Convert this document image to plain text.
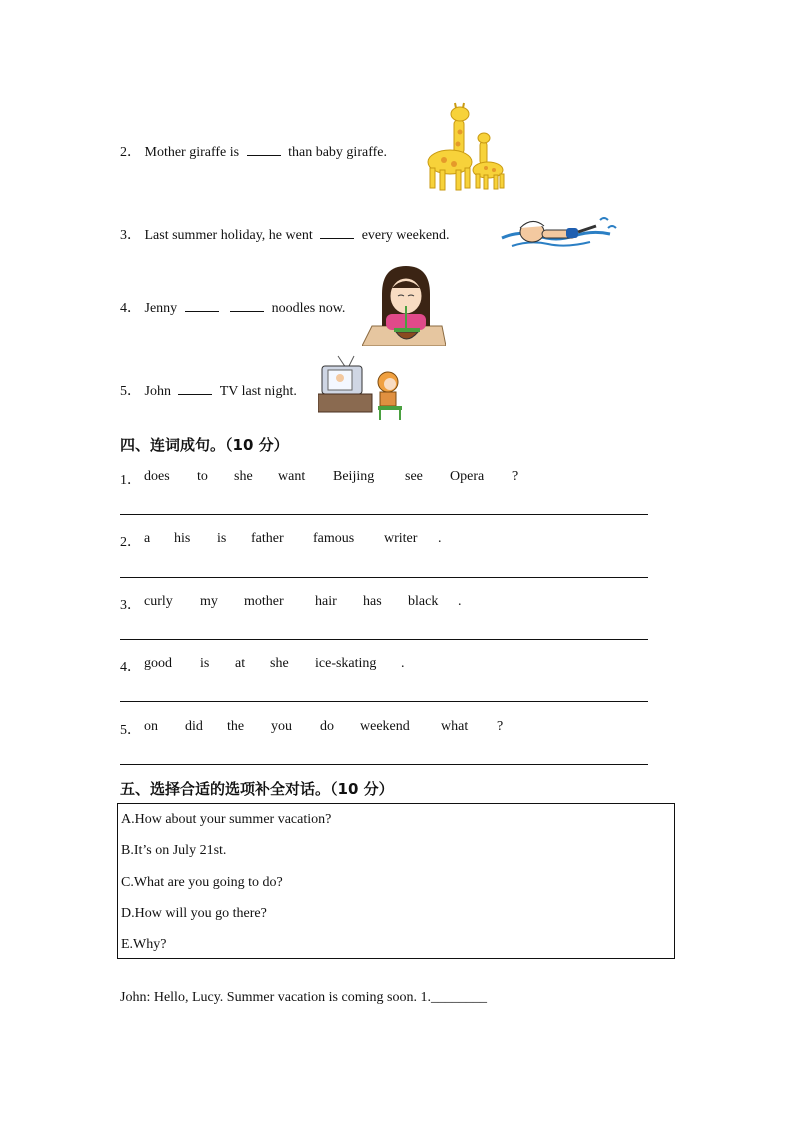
2． Mother giraffe is	than baby giraffe.
3． Last summer holiday, he went	every weekend.
4． Jenny	noodles now.
5． John	TV last night.
四、连词成句。（10 分）
1． does to she want Beijing see Opera ?
2． a his is father famous writer .
3． curly my mother hair has black .
4． good is at she ice-skating .
5． on did the you do weekend what ?
五、选择合适的选项补全对话。（10 分）
A.How about your summer vacation?
B.It’s on July 21st.
C.What are you going to do?
D.How will you go there?
E.Why?
John: Hello, Lucy. Summer vacation is coming soon. 1.________
